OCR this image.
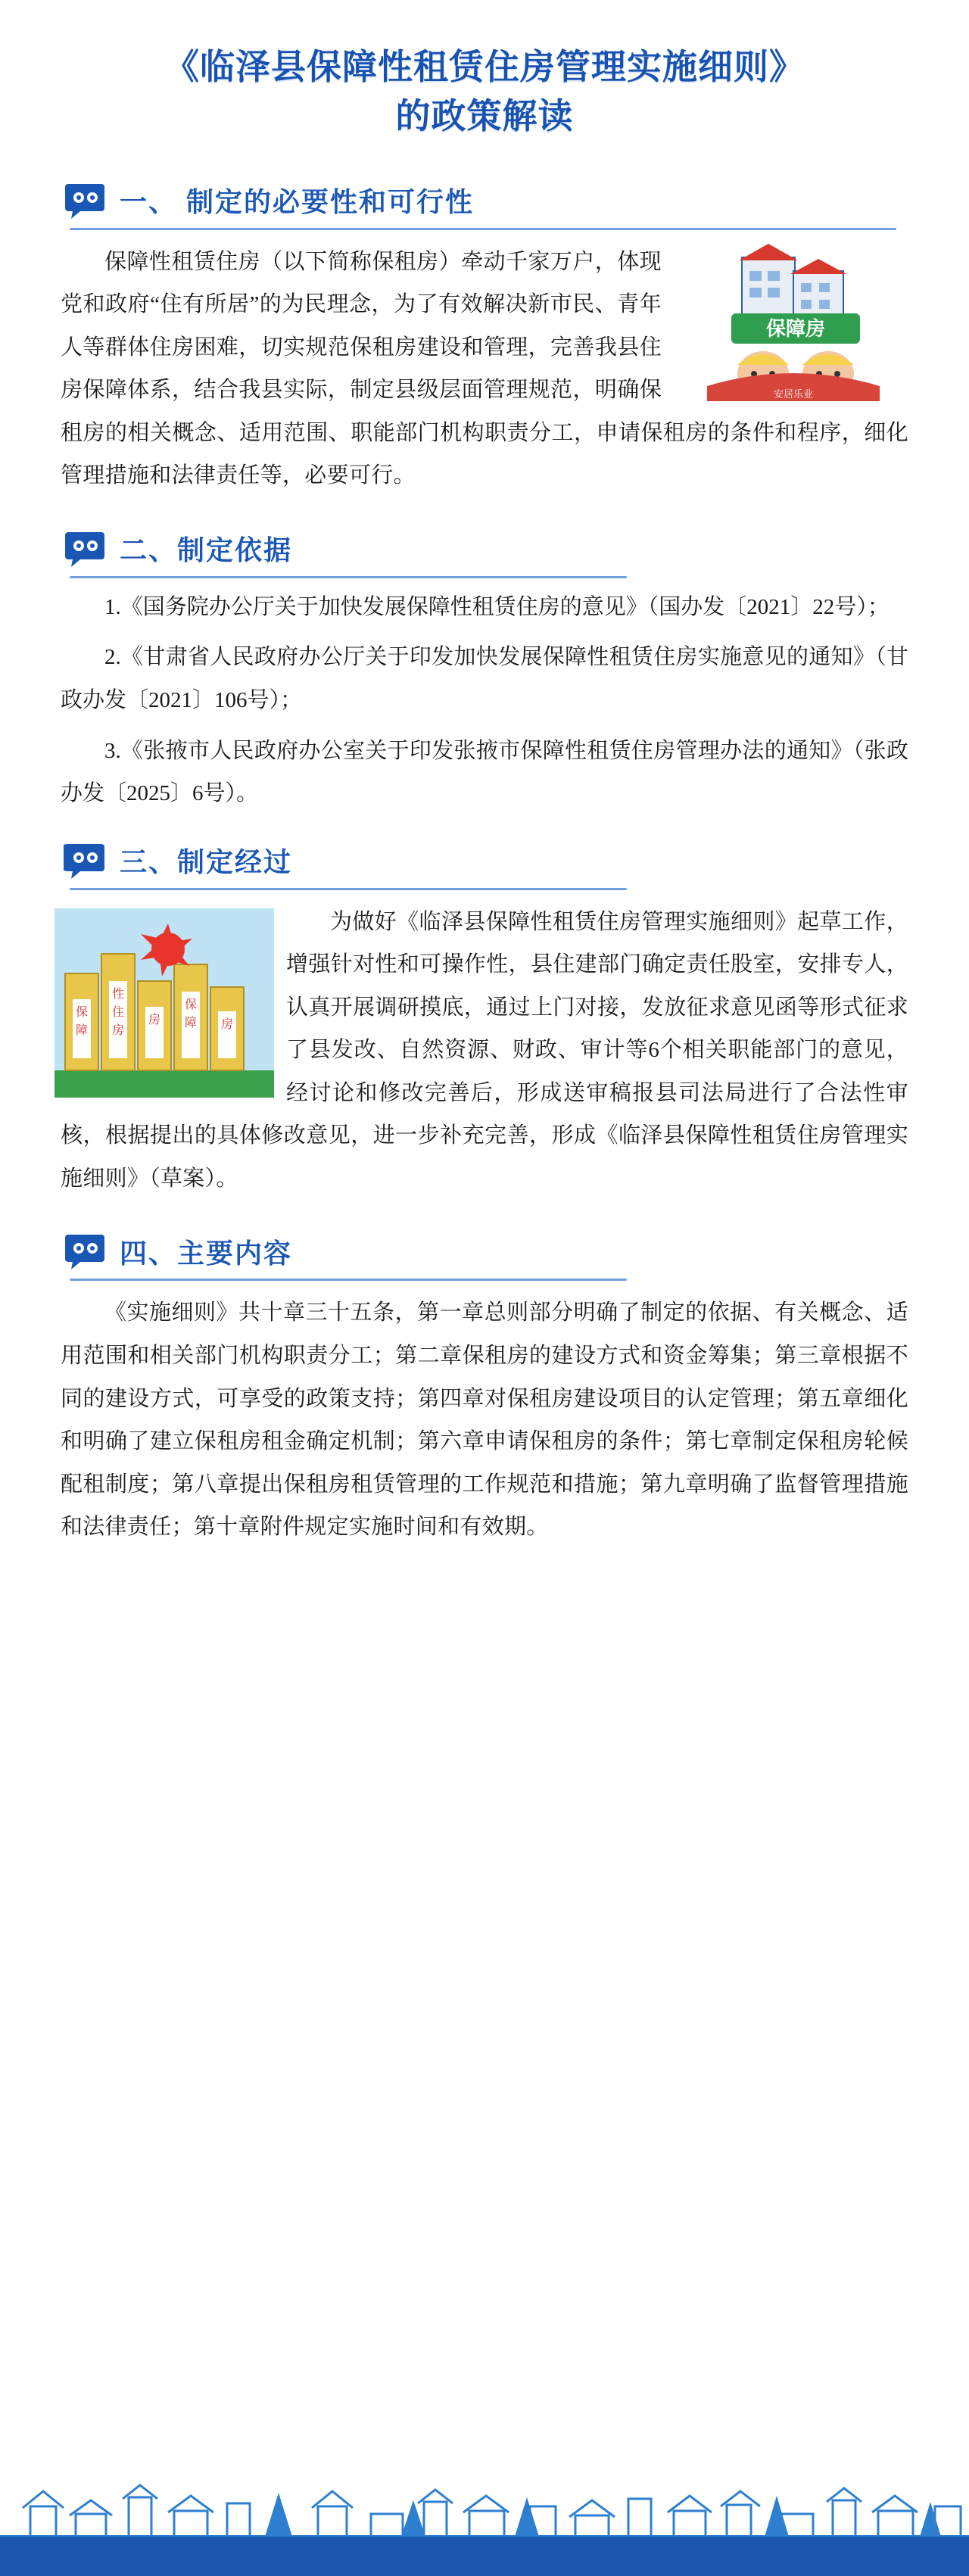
《临泽县保障性租赁住房管理实施细则》
的政策解读
一、 制定的必要性和可行性
保障房
安居乐业

保障性租赁住房（以下简称保租房）牵动千家万户，体现党和政府“住有所居”的为民理念，为了有效解决新市民、青年人等群体住房困难，切实规范保租房建设和管理，完善我县住房保障体系，结合我县实际，制定县级层面管理规范，明确保租房的相关概念、适用范围、职能部门机构职责分工，申请保租房的条件和程序，细化管理措施和法律责任等，必要可行。

二、制定依据

1.《国务院办公厅关于加快发展保障性租赁住房的意见》（国办发〔2021〕22号）；

2.《甘肃省人民政府办公厅关于印发加快发展保障性租赁住房实施意见的通知》（甘政办发〔2021〕106号）；

3.《张掖市人民政府办公室关于印发张掖市保障性租赁住房管理办法的通知》（张政办发〔2025〕6号）。

三、制定经过
保
障
性
住
房
房
保
障 房

为做好《临泽县保障性租赁住房管理实施细则》起草工作，增强针对性和可操作性，县住建部门确定责任股室，安排专人，认真开展调研摸底，通过上门对接，发放征求意见函等形式征求了县发改、自然资源、财政、审计等6个相关职能部门的意见，经讨论和修改完善后，形成送审稿报县司法局进行了合法性审核，根据提出的具体修改意见，进一步补充完善，形成《临泽县保障性租赁住房管理实施细则》（草案）。

四、主要内容

《实施细则》共十章三十五条，第一章总则部分明确了制定的依据、有关概念、适用范围和相关部门机构职责分工；第二章保租房的建设方式和资金筹集；第三章根据不同的建设方式，可享受的政策支持；第四章对保租房建设项目的认定管理；第五章细化和明确了建立保租房租金确定机制；第六章申请保租房的条件；第七章制定保租房轮候配租制度；第八章提出保租房租赁管理的工作规范和措施；第九章明确了监督管理措施和法律责任；第十章附件规定实施时间和有效期。
